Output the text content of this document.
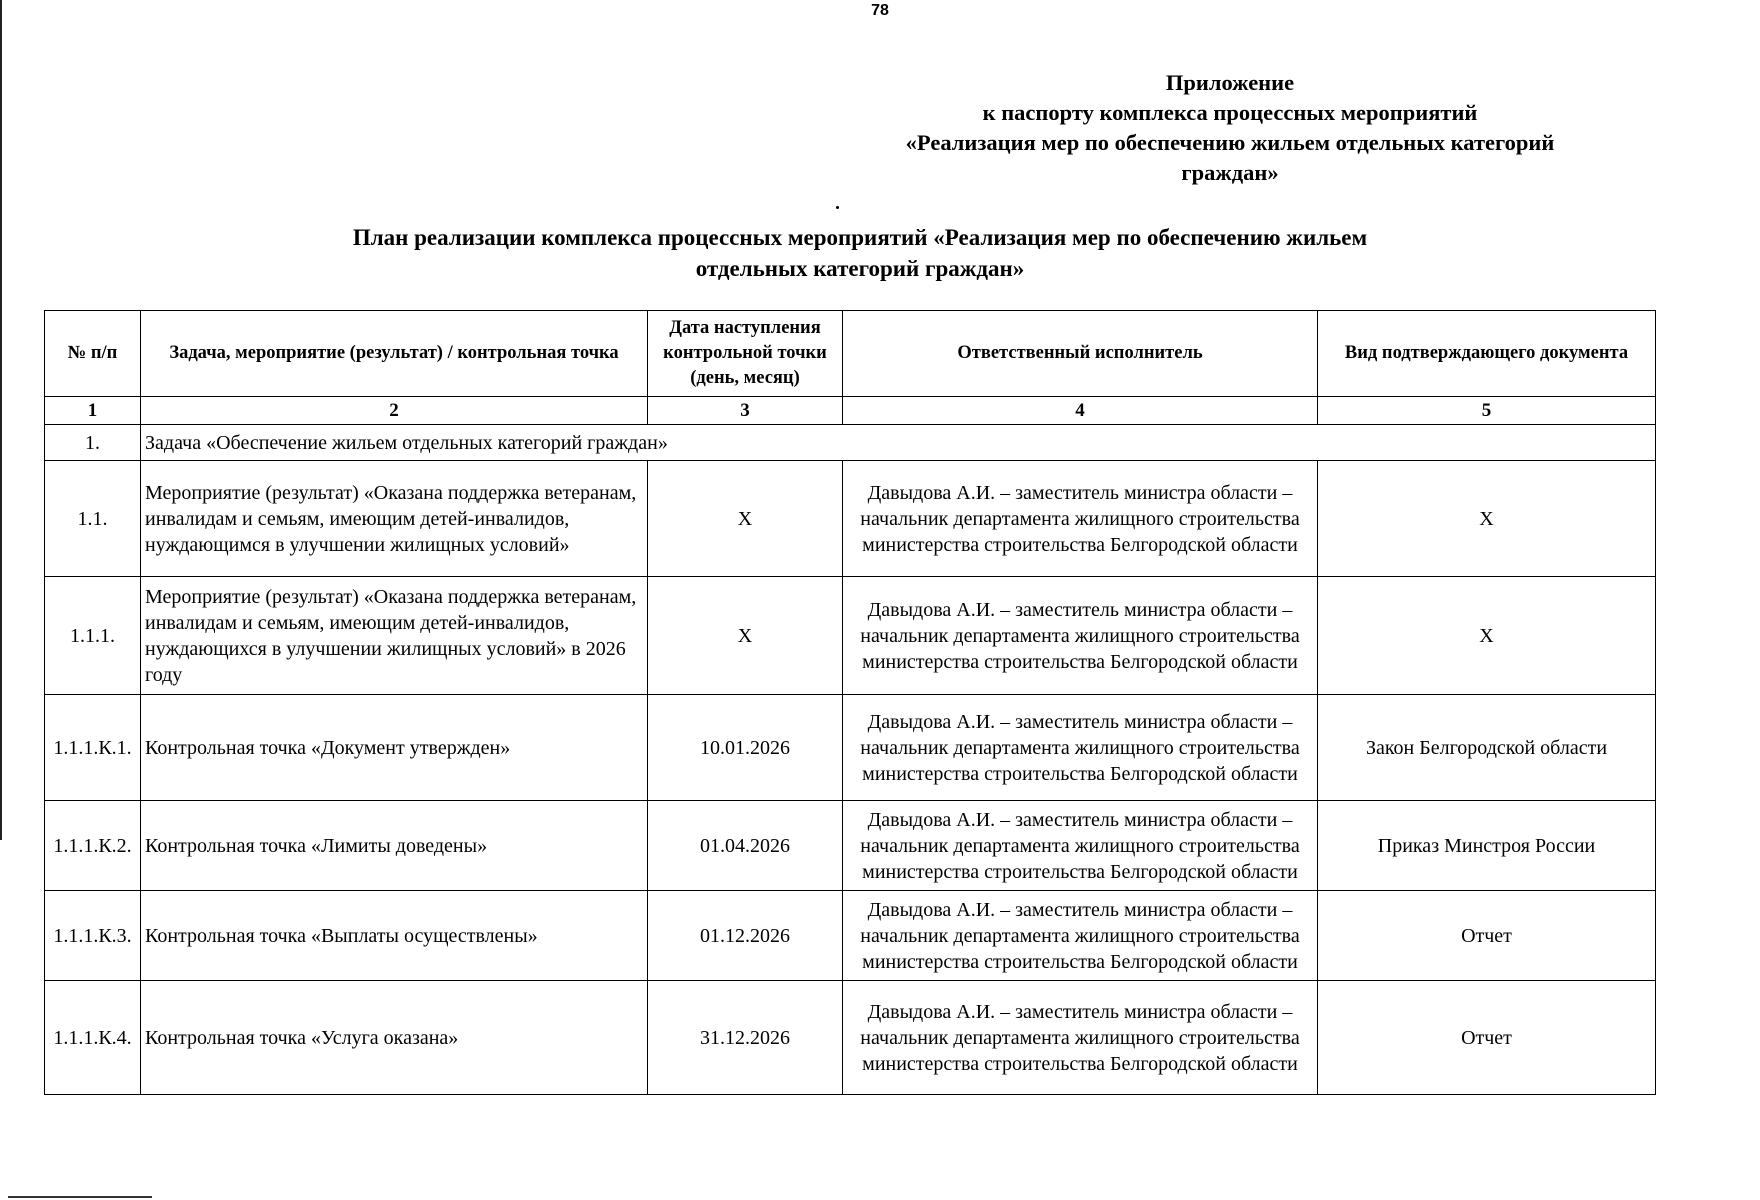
78
Приложение
к паспорту комплекса процессных мероприятий
«Реализация мер по обеспечению жильем отдельных категорий
граждан»
План реализации комплекса процессных мероприятий «Реализация мер по обеспечению жильем
отдельных категорий граждан»
№ п/п	Задача, мероприятие (результат) / контрольная точка	Дата наступления контрольной точки (день, месяц)	Ответственный исполнитель	Вид подтверждающего документа
1	2	3	4	5
1.	Задача «Обеспечение жильем отдельных категорий граждан»			
1.1.	Мероприятие (результат) «Оказана поддержка ветеранам, инвалидам и семьям, имеющим детей-инвалидов, нуждающимся в улучшении жилищных условий»	X	Давыдова А.И. – заместитель министра области – начальник департамента жилищного строительства министерства строительства Белгородской области	X
1.1.1.	Мероприятие (результат) «Оказана поддержка ветеранам, инвалидам и семьям, имеющим детей-инвалидов, нуждающихся в улучшении жилищных условий» в 2026 году	X	Давыдова А.И. – заместитель министра области – начальник департамента жилищного строительства министерства строительства Белгородской области	X
1.1.1.К.1.	Контрольная точка «Документ утвержден»	10.01.2026	Давыдова А.И. – заместитель министра области – начальник департамента жилищного строительства министерства строительства Белгородской области	Закон Белгородской области
1.1.1.К.2.	Контрольная точка «Лимиты доведены»	01.04.2026	Давыдова А.И. – заместитель министра области – начальник департамента жилищного строительства министерства строительства Белгородской области	Приказ Минстроя России
1.1.1.К.3.	Контрольная точка «Выплаты осуществлены»	01.12.2026	Давыдова А.И. – заместитель министра области – начальник департамента жилищного строительства министерства строительства Белгородской области	Отчет
1.1.1.К.4.	Контрольная точка «Услуга оказана»	31.12.2026	Давыдова А.И. – заместитель министра области – начальник департамента жилищного строительства министерства строительства Белгородской области	Отчет
